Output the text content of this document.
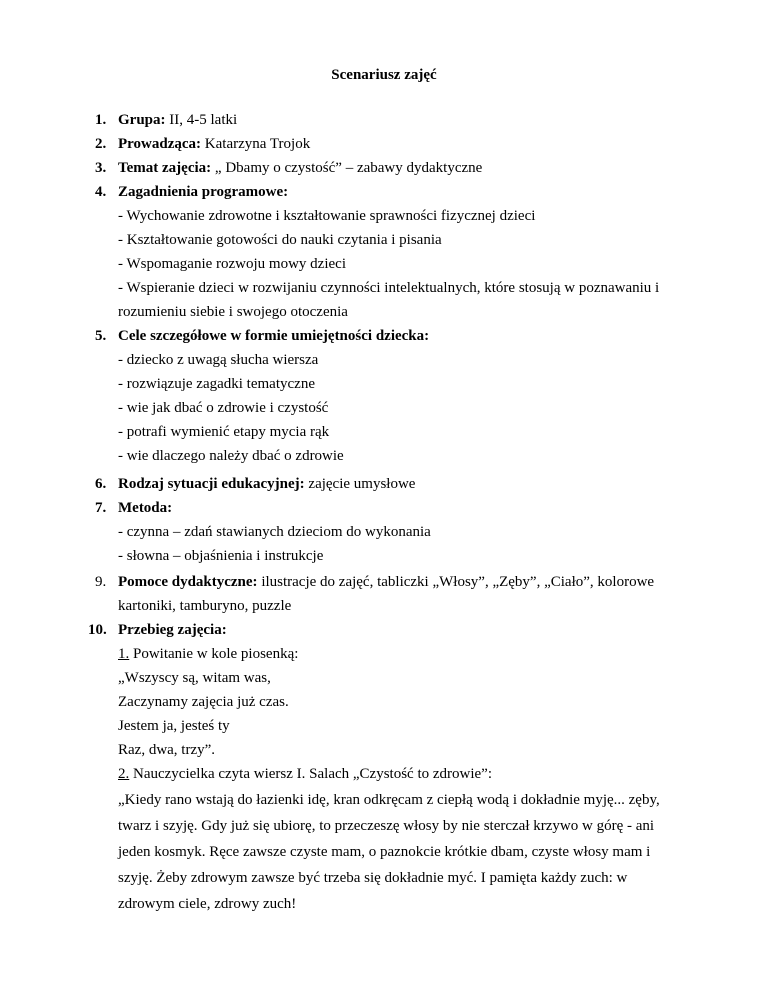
Scenariusz zajęć
1. Grupa: II, 4-5 latki
2. Prowadząca: Katarzyna Trojok
3. Temat zajęcia: „ Dbamy o czystość” – zabawy dydaktyczne
4. Zagadnienia programowe:
- Wychowanie zdrowotne i kształtowanie sprawności fizycznej dzieci
- Kształtowanie gotowości do nauki czytania i pisania
- Wspomaganie rozwoju mowy dzieci
- Wspieranie dzieci w rozwijaniu czynności intelektualnych, które stosują w poznawaniu i
rozumieniu siebie i swojego otoczenia
5. Cele szczegółowe w formie umiejętności dziecka:
- dziecko z uwagą słucha wiersza
- rozwiązuje zagadki tematyczne
- wie jak dbać o zdrowie i czystość
- potrafi wymienić etapy mycia rąk
- wie dlaczego należy dbać o zdrowie
6. Rodzaj sytuacji edukacyjnej: zajęcie umysłowe
7. Metoda:
- czynna – zdań stawianych dzieciom do wykonania
- słowna – objaśnienia i instrukcje
9. Pomoce dydaktyczne: ilustracje do zajęć, tabliczki „Włosy”, „Zęby”, „Ciało”, kolorowe
kartoniki, tamburyno, puzzle
10. Przebieg zajęcia:
1. Powitanie w kole piosenką:
„Wszyscy są, witam was,
Zaczynamy zajęcia już czas.
Jestem ja, jesteś ty
Raz, dwa, trzy”.
2. Nauczycielka czyta wiersz I. Salach „Czystość to zdrowie”:
„Kiedy rano wstają do łazienki idę, kran odkręcam z ciepłą wodą i dokładnie myję... zęby,
twarz i szyję. Gdy już się ubiorę, to przeczeszę włosy by nie sterczał krzywo w górę - ani
jeden kosmyk. Ręce zawsze czyste mam, o paznokcie krótkie dbam, czyste włosy mam i
szyję. Żeby zdrowym zawsze być trzeba się dokładnie myć. I pamięta każdy zuch: w
zdrowym ciele, zdrowy zuch!
